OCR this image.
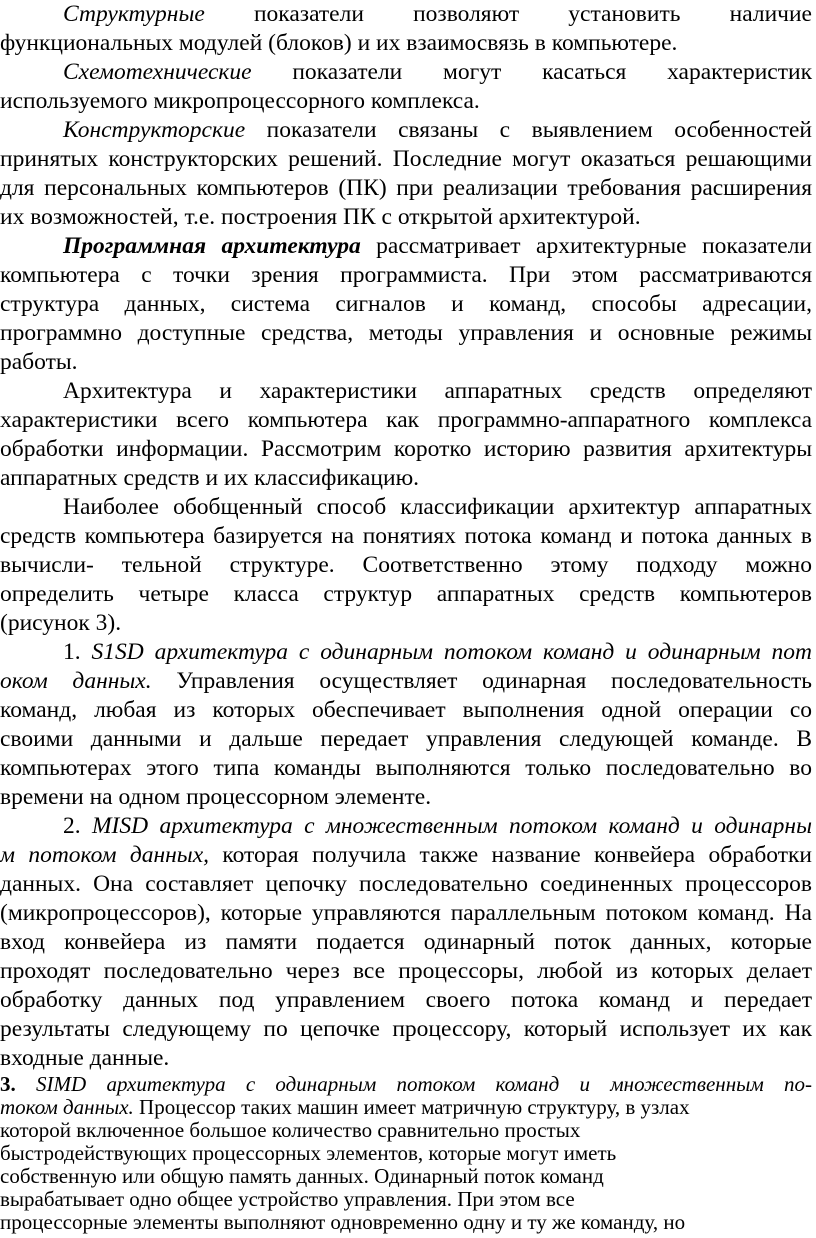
Структурные показатели позволяют установить наличие
функциональных модулей (блоков) и их взаимосвязь в компьютере.
Схемотехнические показатели могут касаться характеристик
используемого микропроцессорного комплекса.
Конструкторские показатели связаны с выявлением особенностей
принятых конструкторских решений. Последние могут оказаться решающими
для персональных компьютеров (ПК) при реализации требования расширения
их возможностей, т.е. построения ПК с открытой архитектурой.
Программная архитектура рассматривает архитектурные показатели
компьютера с точки зрения программиста. При этом рассматриваются
структура данных, система сигналов и команд, способы адресации,
программно доступные средства, методы управления и основные режимы
работы.
Архитектура и характеристики аппаратных средств определяют
характеристики всего компьютера как программно-аппаратного комплекса
обработки информации. Рассмотрим коротко историю развития архитектуры
аппаратных средств и их классификацию.
Наиболее обобщенный способ классификации архитектур аппаратных
средств компьютера базируется на понятиях потока команд и потока данных в
вычисли- тельной структуре. Соответственно этому подходу можно
определить четыре класса структур аппаратных средств компьютеров
(рисунок 3).
1. S1SD архитектура с одинарным потоком команд и одинарным пот
оком данных. Управления осуществляет одинарная последовательность
команд, любая из которых обеспечивает выполнения одной операции со
своими данными и дальше передает управления следующей команде. В
компьютерах этого типа команды выполняются только последовательно во
времени на одном процессорном элементе.
2. MISD архитектура с множественным потоком команд и одинарны
м потоком данных, которая получила также название конвейера обработки
данных. Она составляет цепочку последовательно соединенных процессоров
(микропроцессоров), которые управляются параллельным потоком команд. На
вход конвейера из памяти подается одинарный поток данных, которые
проходят последовательно через все процессоры, любой из которых делает
обработку данных под управлением своего потока команд и передает
результаты следующему по цепочке процессору, который использует их как
входные данные.
3. SIMD архитектура с одинарным потоком команд и множественным по-
током данных. Процессор таких машин имеет матричную структуру, в узлах
которой включенное большое количество сравнительно простых
быстродействующих процессорных элементов, которые могут иметь
собственную или общую память данных. Одинарный поток команд
вырабатывает одно общее устройство управления. При этом все
процессорные элементы выполняют одновременно одну и ту же команду, но
